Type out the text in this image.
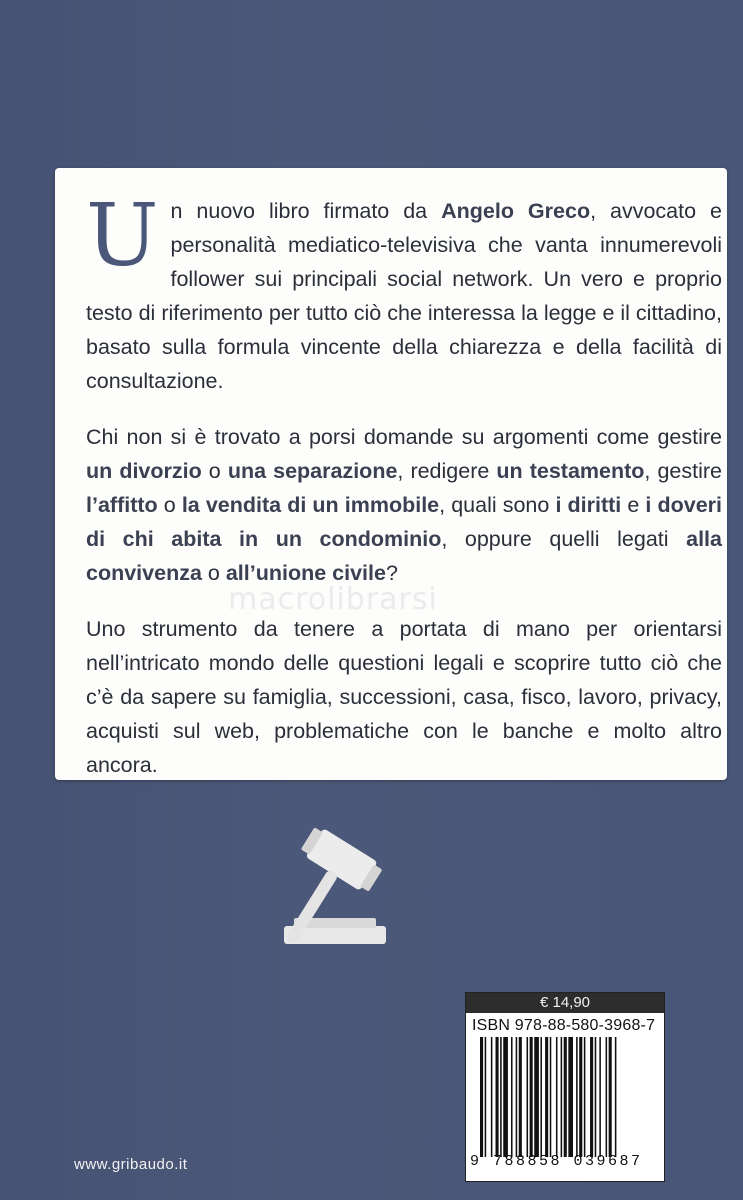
Un nuovo libro firmato da Angelo Greco, avvocato e personalità mediatico-televisiva che vanta innumerevoli follower sui principali social network. Un vero e proprio testo di riferimento per tutto ciò che interessa la legge e il cittadino, basato sulla formula vincente della chiarezza e della facilità di consultazione.

Chi non si è trovato a porsi domande su argomenti come gestire un divorzio o una separazione, redigere un testamento, gestire l’affitto o la vendita di un immobile, quali sono i diritti e i doveri di chi abita in un condominio, oppure quelli legati alla convivenza o all’unione civile?

Uno strumento da tenere a portata di mano per orientarsi nell’intricato mondo delle questioni legali e scoprire tutto ciò che c’è da sapere su famiglia, successioni, casa, fisco, lavoro, privacy, acquisti sul web, problematiche con le banche e molto altro ancora.

macrolibrarsi
€ 14,90
ISBN 978-88-580-3968-7
9 788858 039687
www.gribaudo.it
